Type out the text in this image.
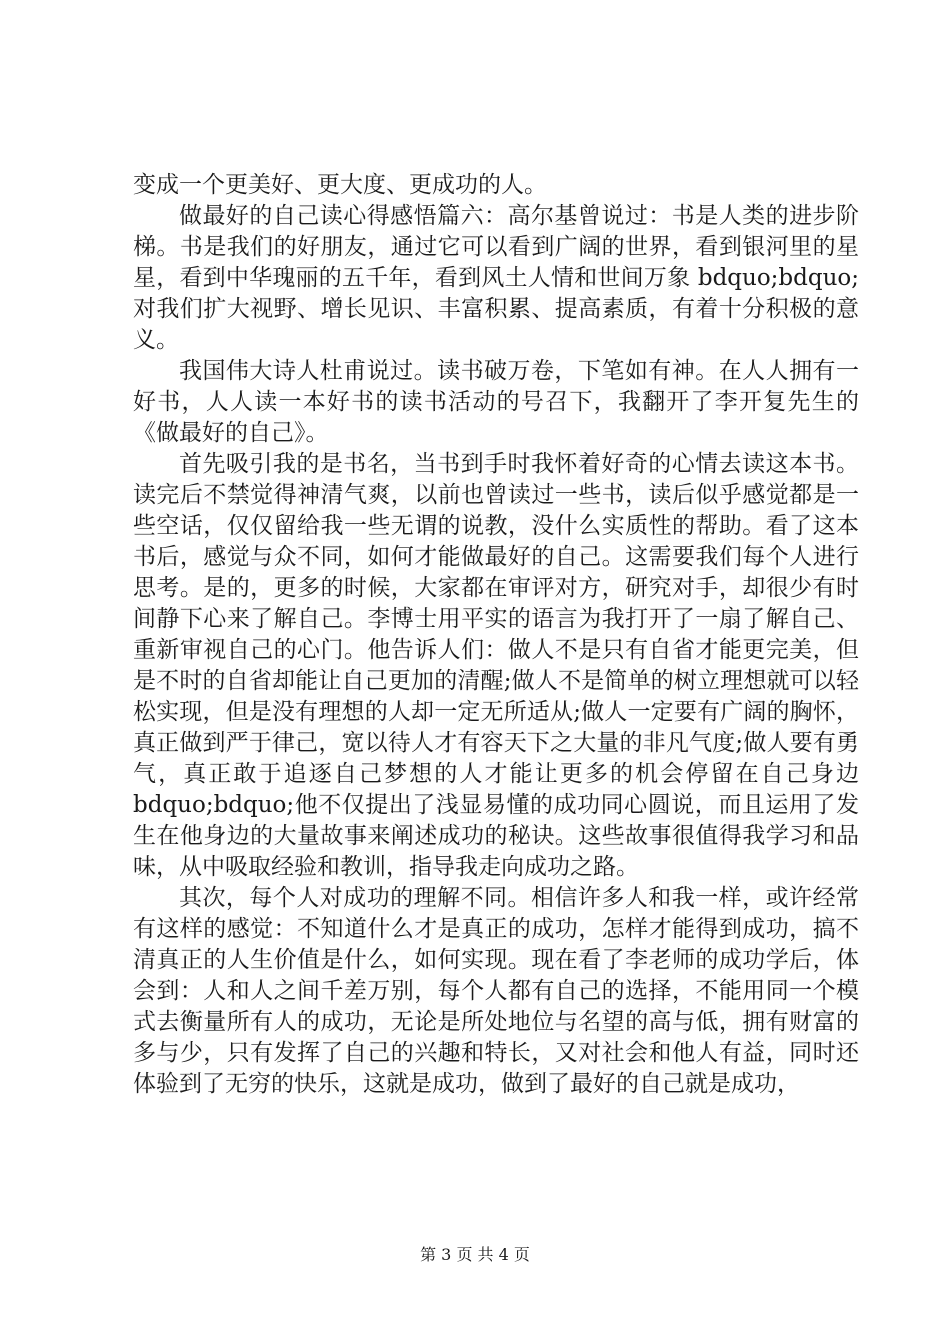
变成一个更美好、更大度、更成功的人。

做最好的自己读心得感悟篇六：高尔基曾说过：书是人类的进步阶梯。书是我们的好朋友，通过它可以看到广阔的世界，看到银河里的星星，看到中华瑰丽的五千年，看到风土人情和世间万象 bdquo;bdquo;对我们扩大视野、增长见识、丰富积累、提高素质，有着十分积极的意义。

我国伟大诗人杜甫说过。读书破万卷，下笔如有神。在人人拥有一好书，人人读一本好书的读书活动的号召下，我翻开了李开复先生的《做最好的自己》。

首先吸引我的是书名，当书到手时我怀着好奇的心情去读这本书。读完后不禁觉得神清气爽，以前也曾读过一些书，读后似乎感觉都是一些空话，仅仅留给我一些无谓的说教，没什么实质性的帮助。看了这本书后，感觉与众不同，如何才能做最好的自己。这需要我们每个人进行思考。是的，更多的时候，大家都在审评对方，研究对手，却很少有时间静下心来了解自己。李博士用平实的语言为我打开了一扇了解自己、重新审视自己的心门。他告诉人们：做人不是只有自省才能更完美，但是不时的自省却能让自己更加的清醒;做人不是简单的树立理想就可以轻松实现，但是没有理想的人却一定无所适从;做人一定要有广阔的胸怀，真正做到严于律己，宽以待人才有容天下之大量的非凡气度;做人要有勇气，真正敢于追逐自己梦想的人才能让更多的机会停留在自己身边 bdquo;bdquo;他不仅提出了浅显易懂的成功同心圆说，而且运用了发生在他身边的大量故事来阐述成功的秘诀。这些故事很值得我学习和品味，从中吸取经验和教训，指导我走向成功之路。

其次，每个人对成功的理解不同。相信许多人和我一样，或许经常有这样的感觉：不知道什么才是真正的成功，怎样才能得到成功，搞不清真正的人生价值是什么，如何实现。现在看了李老师的成功学后，体会到：人和人之间千差万别，每个人都有自己的选择，不能用同一个模式去衡量所有人的成功，无论是所处地位与名望的高与低，拥有财富的多与少，只有发挥了自己的兴趣和特长，又对社会和他人有益，同时还体验到了无穷的快乐，这就是成功，做到了最好的自己就是成功，

第 3 页 共 4 页
